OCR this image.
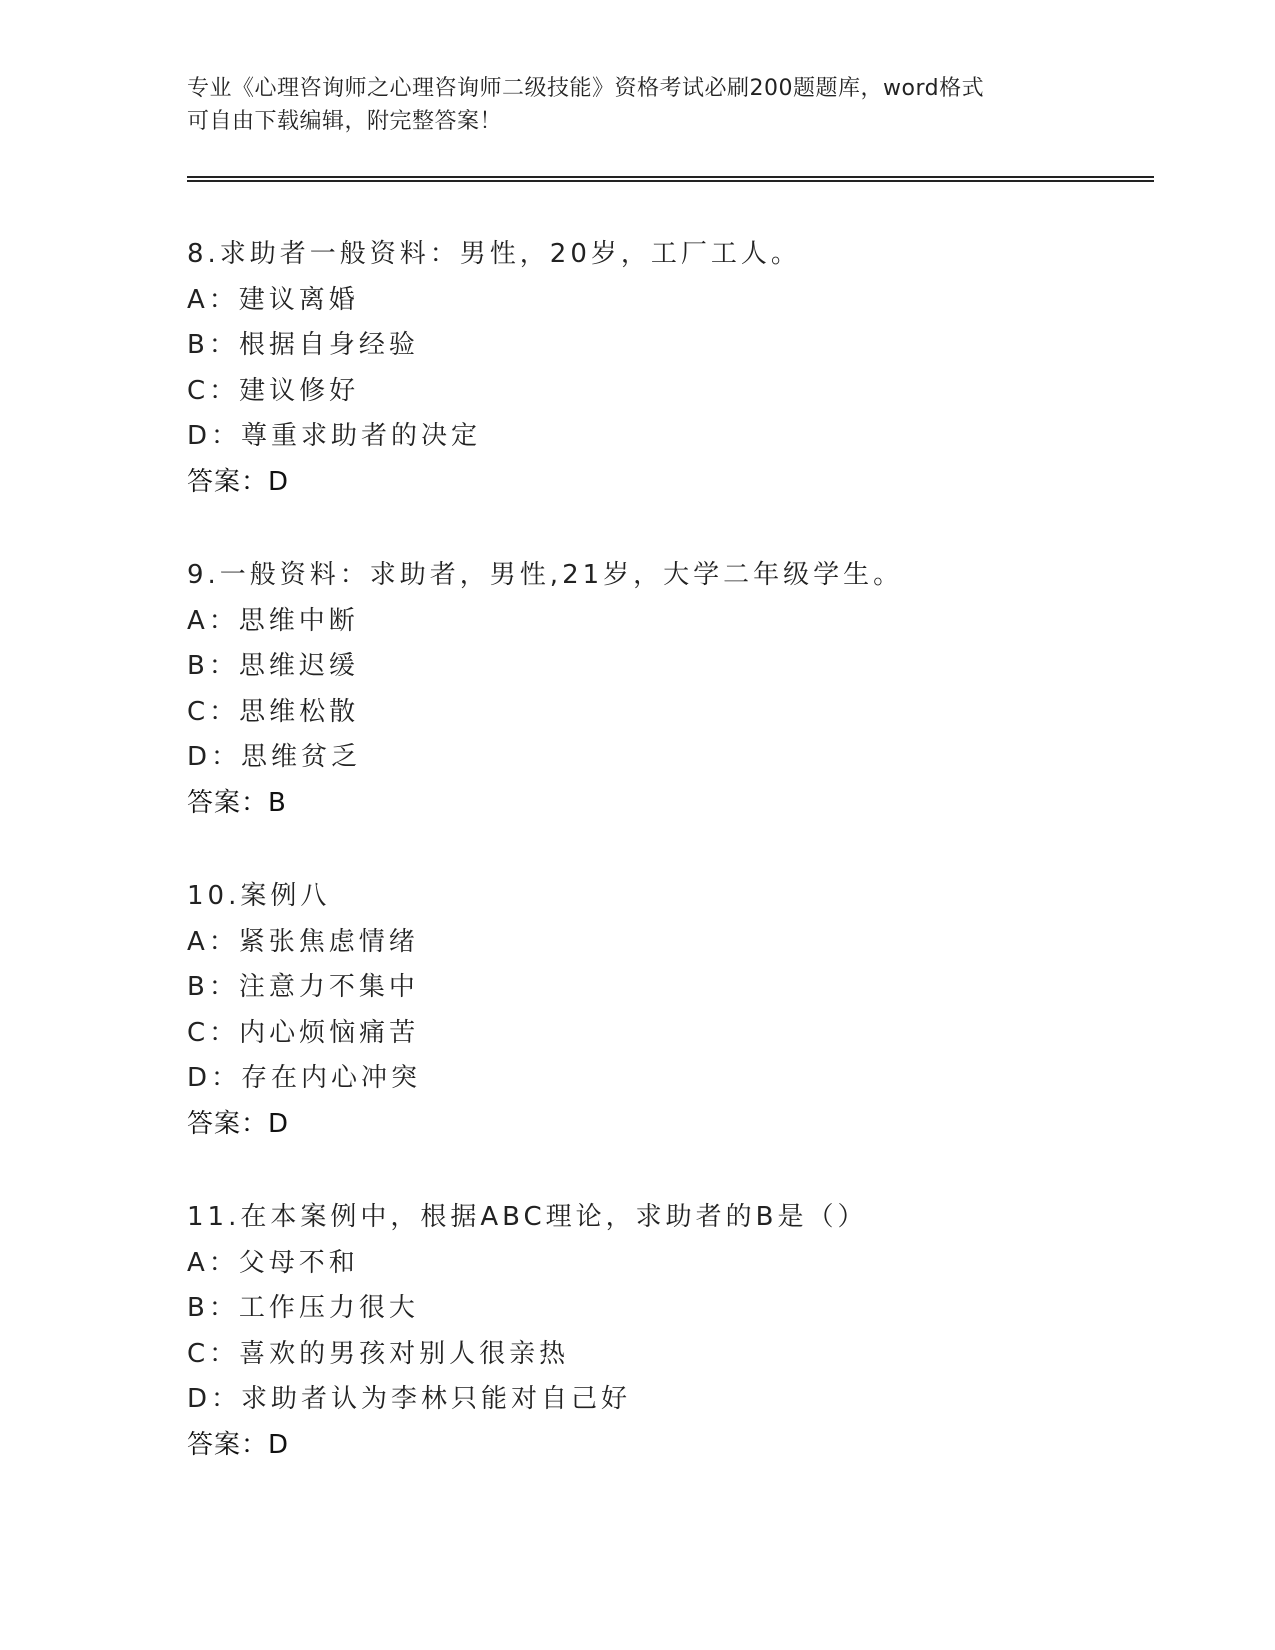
专业《心理咨询师之心理咨询师二级技能》资格考试必刷200题题库，word格式
可自由下载编辑，附完整答案！
8.求助者一般资料：男性，20岁，工厂工人。
A：建议离婚
B：根据自身经验
C：建议修好
D：尊重求助者的决定
答案：D
9.一般资料：求助者，男性,21岁，大学二年级学生。
A：思维中断
B：思维迟缓
C：思维松散
D：思维贫乏
答案：B
10.案例八
A：紧张焦虑情绪
B：注意力不集中
C：内心烦恼痛苦
D：存在内心冲突
答案：D
11.在本案例中，根据ABC理论，求助者的B是（）
A：父母不和
B：工作压力很大
C：喜欢的男孩对别人很亲热
D：求助者认为李林只能对自己好
答案：D
